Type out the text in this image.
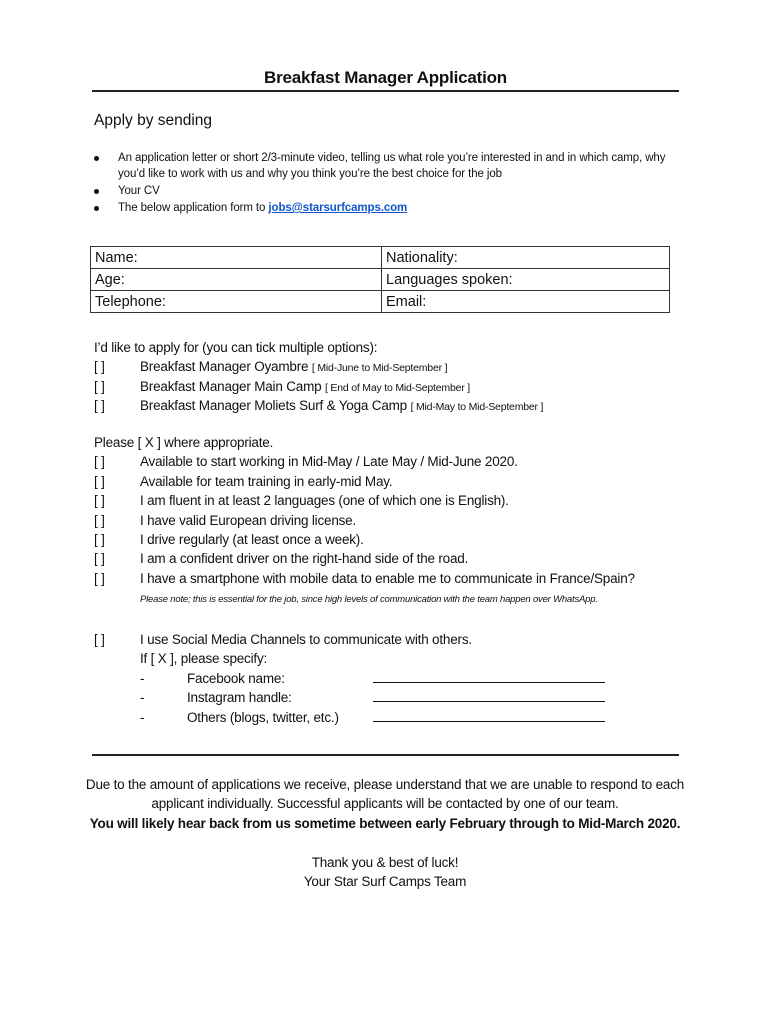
Breakfast Manager Application
Apply by sending
An application letter or short 2/3-minute video, telling us what role you’re interested in and in which camp, why you’d like to work with us and why you think you’re the best choice for the job
Your CV
The below application form to jobs@starsurfcamps.com
Name:	Nationality:
Age:	Languages spoken:
Telephone:	Email:
I’d like to apply for (you can tick multiple options):
[ ]	Breakfast Manager Oyambre [ Mid-June to Mid-September ]
[ ]	Breakfast Manager Main Camp [ End of May to Mid-September ]
[ ]	Breakfast Manager Moliets Surf & Yoga Camp [ Mid-May to Mid-September ]
Please [ X ] where appropriate.
[ ]	Available to start working in Mid-May / Late May / Mid-June 2020.
[ ]	Available for team training in early-mid May.
[ ]	I am fluent in at least 2 languages (one of which one is English).
[ ]	I have valid European driving license.
[ ]	I drive regularly (at least once a week).
[ ]	I am a confident driver on the right-hand side of the road.
[ ]	I have a smartphone with mobile data to enable me to communicate in France/Spain?
Please note; this is essential for the job, since high levels of communication with the team happen over WhatsApp.
[ ]	I use Social Media Channels to communicate with others.
If [ X ], please specify:
-	Facebook name:
-	Instagram handle:
-	Others (blogs, twitter, etc.)
Due to the amount of applications we receive, please understand that we are unable to respond to each
applicant individually. Successful applicants will be contacted by one of our team.
You will likely hear back from us sometime between early February through to Mid-March 2020.
Thank you & best of luck!
Your Star Surf Camps Team
